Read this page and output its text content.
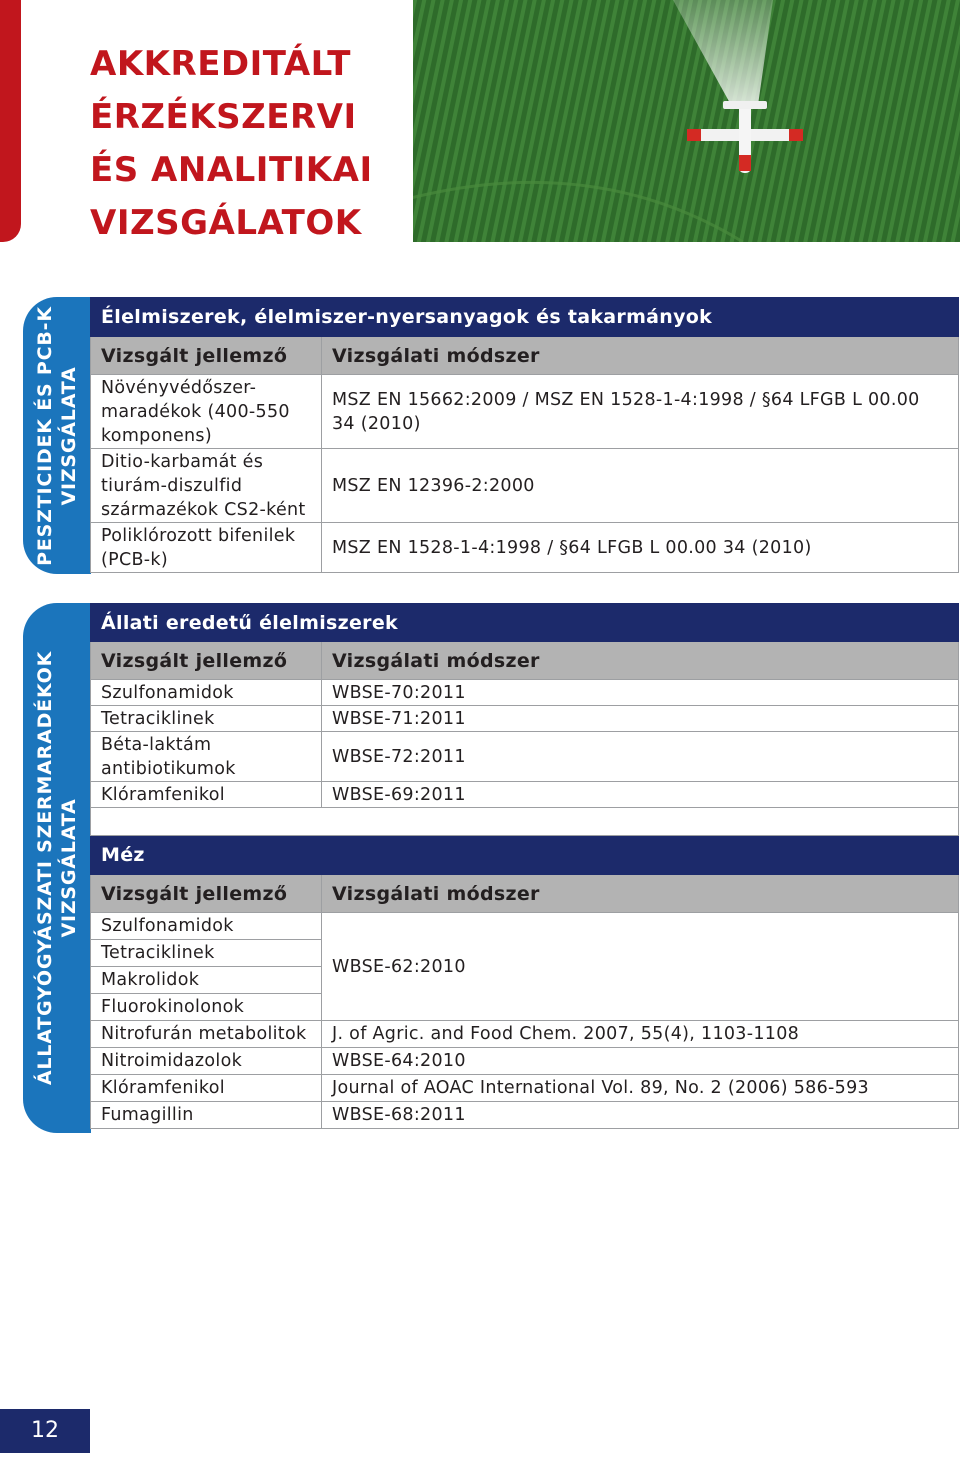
AKKREDITÁLT
ÉRZÉKSZERVI
ÉS ANALITIKAI
VIZSGÁLATOK
PESZTICIDEK ÉS PCB-K VIZSGÁLATA
Élelmiszerek, élelmiszer-nyersanyagok és takarmányok	
Vizsgált jellemző	Vizsgálati módszer
Növényvédőszer-maradékok (400-550 komponens)	MSZ EN 15662:2009 / MSZ EN 1528-1-4:1998 / §64 LFGB L 00.00 34 (2010)
Ditio-karbamát és tiurám-diszulfid származékok CS2-ként	MSZ EN 12396-2:2000
Poliklórozott bifenilek (PCB-k)	MSZ EN 1528-1-4:1998 / §64 LFGB L 00.00 34 (2010)
ÁLLATGYÓGYÁSZATI SZERMARADÉKOK VIZSGÁLATA
Állati eredetű élelmiszerek	
Vizsgált jellemző	Vizsgálati módszer
Szulfonamidok	WBSE-70:2011
Tetraciklinek	WBSE-71:2011
Béta-laktám antibiotikumok	WBSE-72:2011
Klóramfenikol	WBSE-69:2011

Méz	
Vizsgált jellemző	Vizsgálati módszer
Szulfonamidok	WBSE-62:2010
Tetraciklinek	
Makrolidok	
Fluorokinolonok	
Nitrofurán metabolitok	J. of Agric. and Food Chem. 2007, 55(4), 1103-1108
Nitroimidazolok	WBSE-64:2010
Klóramfenikol	Journal of AOAC International Vol. 89, No. 2 (2006) 586-593
Fumagillin	WBSE-68:2011
12
